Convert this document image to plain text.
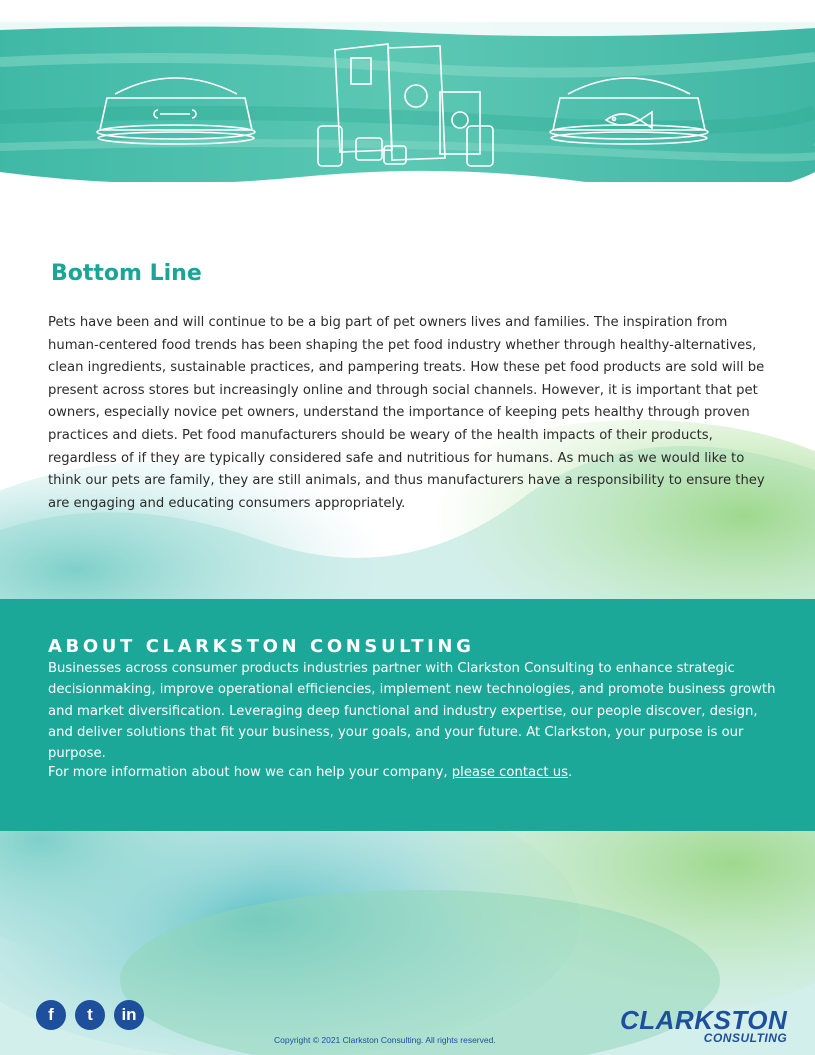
Bottom Line

Pets have been and will continue to be a big part of pet owners lives and families. The inspiration from human-centered food trends has been shaping the pet food industry whether through healthy-alternatives, clean ingredients, sustainable practices, and pampering treats. How these pet food products are sold will be present across stores but increasingly online and through social channels. However, it is important that pet owners, especially novice pet owners, understand the importance of keeping pets healthy through proven practices and diets. Pet food manufacturers should be weary of the health impacts of their products, regardless of if they are typically considered safe and nutritious for humans. As much as we would like to think our pets are family, they are still animals, and thus manufacturers have a responsibility to ensure they are engaging and educating consumers appropriately.

ABOUT CLARKSTON CONSULTING

Businesses across consumer products industries partner with Clarkston Consulting to enhance strategic decisionmaking, improve operational efficiencies, implement new technologies, and promote business growth and market diversification. Leveraging deep functional and industry expertise, our people discover, design, and deliver solutions that fit your business, your goals, and your future. At Clarkston, your purpose is our purpose.

For more information about how we can help your company, please contact us.

f	t	in

Copyright © 2021 Clarkston Consulting. All rights reserved.

CLARKSTON
CONSULTING
